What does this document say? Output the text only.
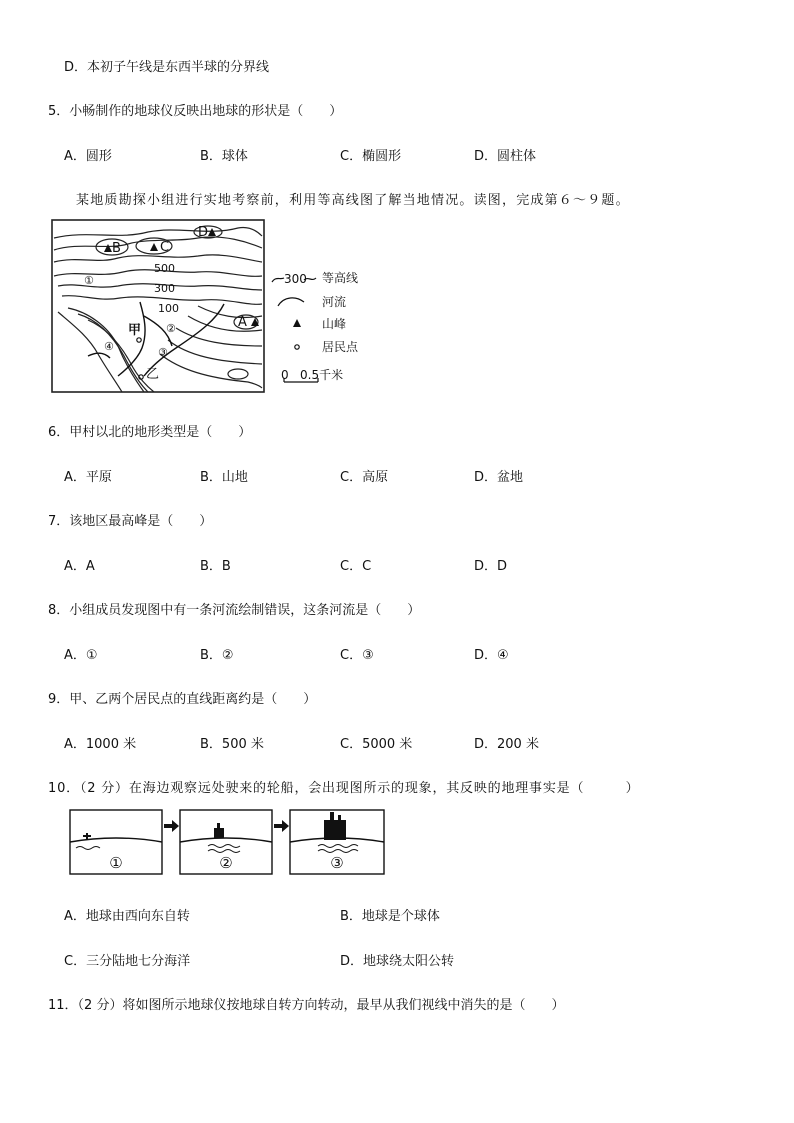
D．本初子午线是东西半球的分界线
5．小畅制作的地球仪反映出地球的形状是（　　）
A．圆形	B．球体	C．椭圆形	D．圆柱体
某地质勘探小组进行实地考察前，利用等高线图了解当地情况。读图，完成第６～９题。
B	C
D
A
甲
乙
①
②
③
④
500
300
100
300 等高线
河流
山峰
居民点
0 0.5千米
6．甲村以北的地形类型是（　　）
A．平原	B．山地	C．高原	D．盆地
7．该地区最高峰是（　　）
A．A	B．B	C．C	D．D
8．小组成员发现图中有一条河流绘制错误，这条河流是（　　）
A．①	B．②	C．③	D．④
9．甲、乙两个居民点的直线距离约是（　　）
A．1000 米	B．500 米	C．5000 米	D．200 米
10．（2 分）在海边观察远处驶来的轮船，会出现图所示的现象，其反映的地理事实是（　　　）
①	②	③
A．地球由西向东自转	B．地球是个球体
C．三分陆地七分海洋	D．地球绕太阳公转
11．（2 分）将如图所示地球仪按地球自转方向转动，最早从我们视线中消失的是（　　）
